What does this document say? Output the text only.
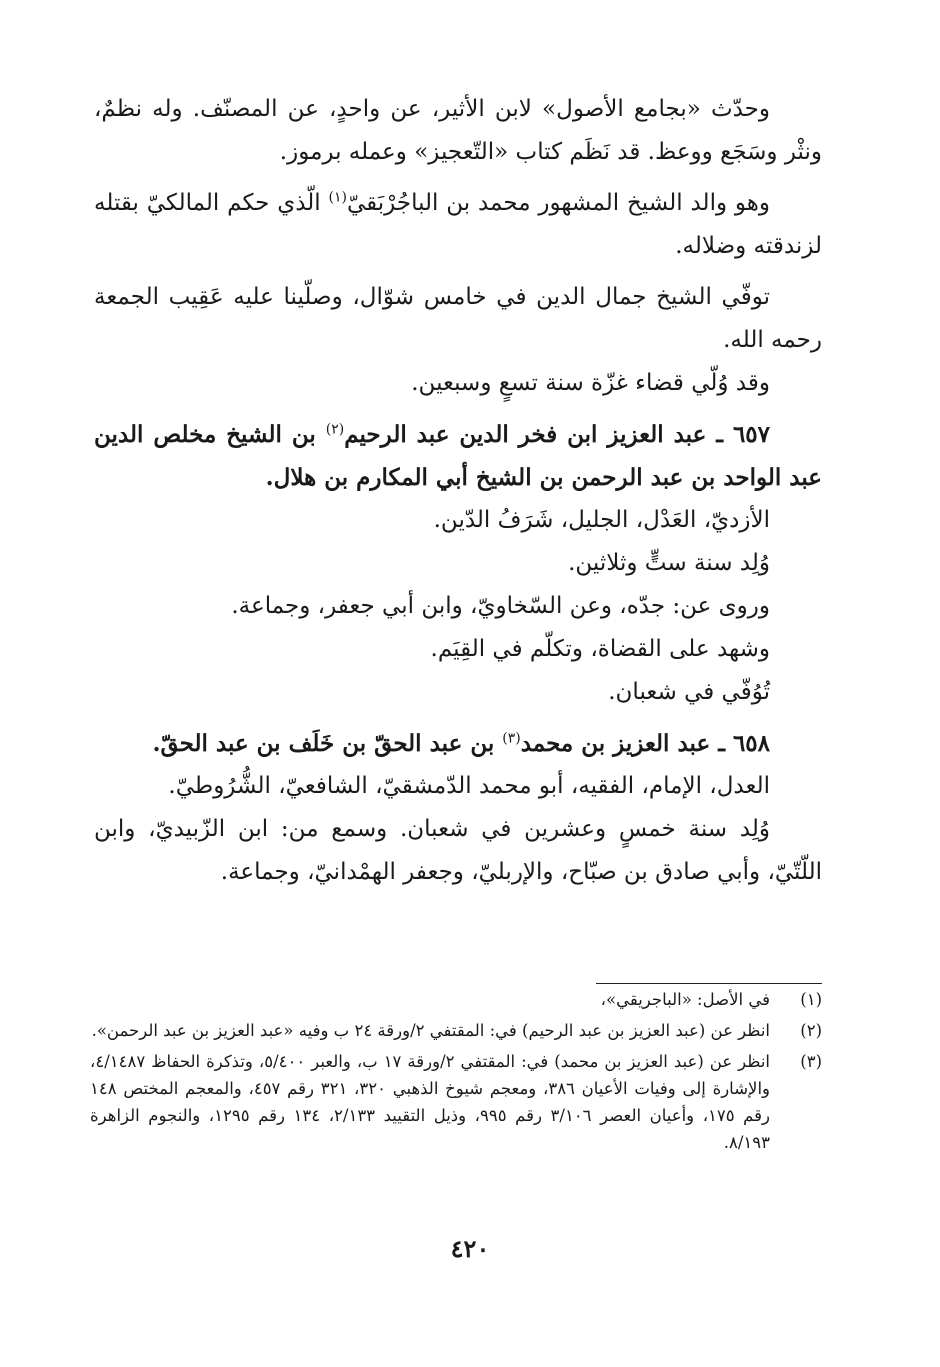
وحدّث «بجامع الأصول» لابن الأثير، عن واحدٍ، عن المصنّف. وله نظمٌ، ونثْر وسَجَع ووعظ. قد نَظَم كتاب «التّعجيز» وعمله برموز.

وهو والد الشيخ المشهور محمد بن الباجُرْبَقيّ$^{(١)}$ الّذي حكم المالكيّ بقتله لزندقته وضلاله.

توفّي الشيخ جمال الدين في خامس شوّال، وصلّينا عليه عَقِيب الجمعة رحمه الله.

وقد وُلّي قضاء غزّة سنة تسعٍ وسبعين.

٦٥٧ ـ عبد العزيز ابن فخر الدين عبد الرحيم$^{(٢)}$ بن الشيخ مخلص الدين عبد الواحد بن عبد الرحمن بن الشيخ أبي المكارم بن هلال.

الأزديّ، العَدْل، الجليل، شَرَفُ الدّين.

وُلِد سنة ستٍّ وثلاثين.

وروى عن: جدّه، وعن السّخاويّ، وابن أبي جعفر، وجماعة.

وشهد على القضاة، وتكلّم في القِيَم.

تُوُفّي في شعبان.

٦٥٨ ـ عبد العزيز بن محمد$^{(٣)}$ بن عبد الحقّ بن خَلَف بن عبد الحقّ.

العدل، الإمام، الفقيه، أبو محمد الدّمشقيّ، الشافعيّ، الشُّرُوطيّ.

وُلِد سنة خمسٍ وعشرين في شعبان. وسمع من: ابن الزّبيديّ، وابن اللّتّيّ، وأبي صادق بن صبّاح، والإربليّ، وجعفر الهمْدانيّ، وجماعة.

(١)
في الأصل: «الباجريقي»،
(٢)
انظر عن (عبد العزيز بن عبد الرحيم) في: المقتفي ٢/ورقة ٢٤ ب وفيه «عبد العزيز بن عبد الرحمن».
(٣)
انظر عن (عبد العزيز بن محمد) في: المقتفي ٢/ورقة ١٧ ب، والعبر ٥/٤٠٠، وتذكرة الحفاظ ٤/١٤٨٧، والإشارة إلى وفيات الأعيان ٣٨٦، ومعجم شيوخ الذهبي ٣٢٠، ٣٢١ رقم ٤٥٧، والمعجم المختص ١٤٨ رقم ١٧٥، وأعيان العصر ٣/١٠٦ رقم ٩٩٥، وذيل التقييد ٢/١٣٣، ١٣٤ رقم ١٢٩٥، والنجوم الزاهرة ٨/١٩٣.
٤٢٠
